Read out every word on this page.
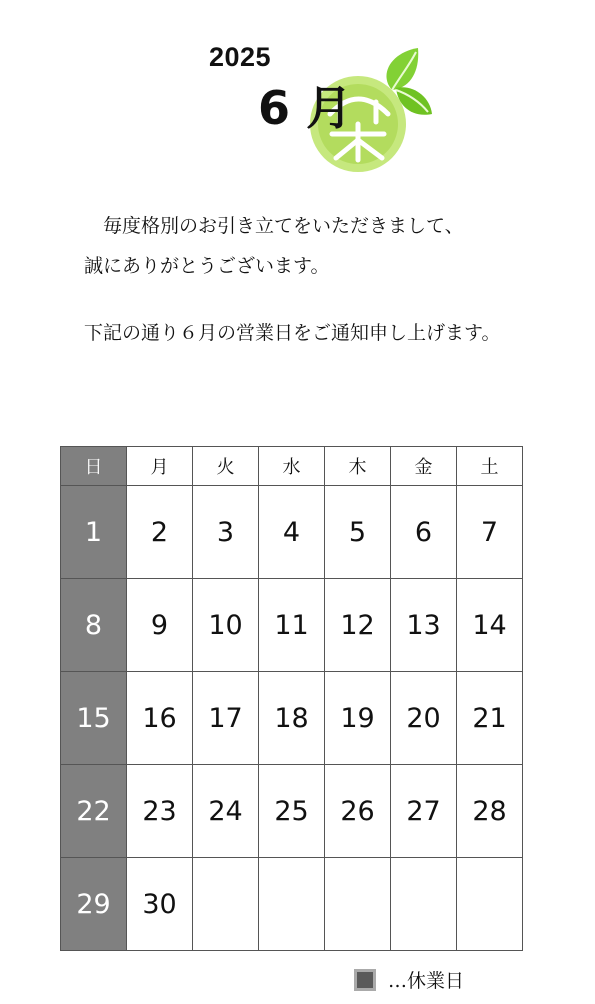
2025
6 月
毎度格別のお引き立てをいただきまして、
誠にありがとうございます。
下記の通り６月の営業日をご通知申し上げます。
日	月	火	水	木	金	土
1	2	3	4	5	6	7
8	9	10	11	12	13	14
15	16	17	18	19	20	21
22	23	24	25	26	27	28
29	30					
…休業日
